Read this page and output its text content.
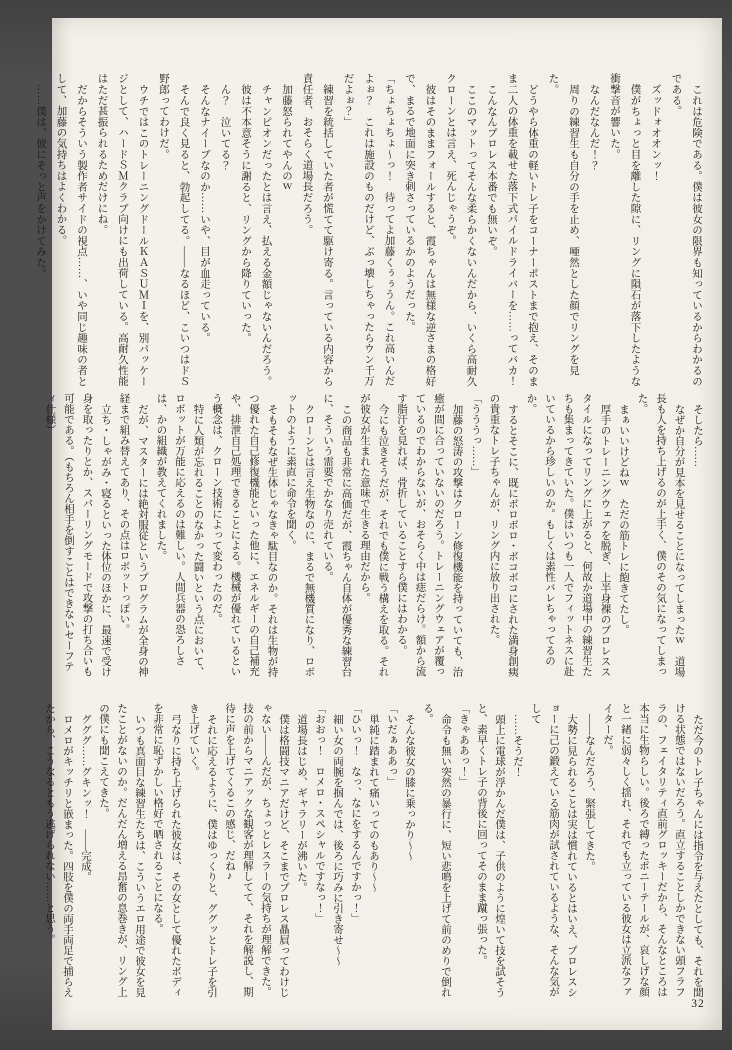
これは危険である。僕は彼女の限界も知っているからわかるのである。

ズッドォオオンッ！

僕がちょっと目を離した隙に、リングに隕石が落下したような衝撃音が響いた。

なんだなんだ！？

周りの練習生も自分の手を止め、唖然とした顔でリングを見た。

どうやら体重の軽いトレ子をコーナーポストまで抱え、そのまま二人の体重を載せた落下式パイルドライバーを……ってバカ！

こんなんプロレス本番でも無いぞ。

ここのマットってそんな柔らかくないんだから、いくら高耐久クローンとは言え、死んじゃうぞ。

彼はそのままフォールすると、霞ちゃんは無様な逆さまの格好で、まるで地面に突き刺さっているかのようだった。

「ちょちょちょ～っ！　待ってよ加藤くぅぅうん。これ高いんだよぉ？　これは施設のものだけど、ぶっ壊しちゃったらウン千万だよぉ？」

練習を統括していた者が慌てて駆け寄る。言っている内容から責任者、おそらく道場長だろう。

加藤怒られてやんのｗ

チャンピオンだったとは言え、払える金額じゃないんだろう。

彼は不本意そうに謝ると、リングから降りていった。

ん？　泣いてる？

そんなナイーブなのか……いや、目が血走っている。

そんで良く見ると、勃起してる。――なるほど、こいつはドＳ野郎ってわけだ。

ウチではこのトレーニングドールＫＡＳＵＭＩを、別パッケージとして、ハードＳＭクラブ向けにも出荷している。高耐久性能はただ甚振られるためだけにね。

だからそういう製作者サイドの視点……、いや同じ趣味の者として、加藤の気持ちはよくわかる。

……僕は、彼にそっと声をかけてみた。

そしたら……

なぜか自分が見本を見せることになってしまったｗ　道場長も人を持ち上げるのが上手く、僕のその気になってしまった。

まぁいいけどねｗ　ただの筋トレに飽きてたし。

厚手のトレーニングウェアを脱ぎ、上半身裸のプロレススタイルになってリングに上がると、何故か道場中の練習生たちも集まってきていた。僕はいつも一人でフィットネスに赴いているから珍しいのか。もしくは素性バレちゃってるのか。

するとそこに、既にボロボロ・ボコボコにされた満身創痍の貴重なトレ子ちゃんが、リング内に放り出された。

「うううっ……」

加藤の怒涛の攻撃はクローン修復機能を持っていても、治癒が間に合っていないのだろう。トレーニングウェアが覆っているのでわからないが、おそらく中は痣だらけ。額から流す脂汗を見れば、骨折していることすら僕にはわかる。

今にも泣きそうだが、それでも僕に戦う構えを取る。それが彼女が生まれた意味で生きる理由だから。

この商品も非常に高価だが、霞ちゃん自体が優秀な練習台に、そういう需要でかなり売れている。

クローンとは言え生物なのに、まるで無機質になり、ロボットのように素直に命令を聞く。

そもそもなぜ生体じゃなきゃ駄目なのか。それは生物が持つ優れた自己修復機能といった他に、エネルギーの自己補充や、排泄自己処理できることによる。機械が優れているという概念は、クローン技術によって変わったのだ。

特に人類が忘れることのなかった闘いという点において、ロボットが万能に応えるのは難しい。人間兵器の恐ろしさは、かの組織が教えてくれました。

だが、マスターには絶対服従というプログラムが全身の神経まで組み替えてあり、その点はロボットっぽい。

立ち・しゃがみ・寝るといった体位のほかに、最速で受け身を取ったりとか、スパーリングモードで攻撃の打ち合いも可能である。（もちろん相手を倒すことはできないセーフティ仕様）

ただ今のトレ子ちゃんには指令を与えたとしても、それを聞ける状態ではないだろう。直立することしかできない頭フラフラの、フェイタリティ直前グロッキーだから、そんなところは本当に生物らしい。後ろで縛ったポニーテールが、哀しげな顔と一緒に弱々しく揺れ、それでも立っている彼女は立派なファイターだ。

――なんだろう、緊張してきた。

大勢に見られることは実は慣れているとはいえ、プロレスショーに己の鍛えている筋肉が試されているような、そんな気がして

……そうだ！

頭上に電球が浮かんだ僕は、子供のように煌いて技を試そうと、素早くトレ子の背後に回ってそのまま蹴っ張った。

「きゃああっ！」

命令も無い突然の暴行に、短い悲鳴を上げて前のめりで倒れる。

そんな彼女の膝に乗っかり～～

「いだぁああっ」

単純に踏まれて痛いってのもあり～～

「ひいっ！　なっ、なにをするんですかっ！」

細い女の両腕を掴んでは、後ろに巧みに引き寄せ～～

「おおっ！　ロメロ・スペシャルですなっ！」

道場長はじめ、ギャラリーが沸いた。

僕は格闘技マニアだけど、そこまでプロレス贔屓ってわけじゃない――んだが、ちょっとレスラーの気持ちが理解できた。技の前からマニアックな観客が理解してて、それを解説し、期待に声を上げてくるこの感じ、だね♪

それに応えるように、僕はゆっくりと、ググッとトレ子を引き上げていく。

弓なりに持ち上げられた彼女は、その女として優れたボディを非常に恥ずかしい格好で晒されることになる。

いつも真面目な練習生たちは、こういうエロ用途で彼女を見たことがないのか。だんだん増える昂奮の息巻きが、リング上の僕にも聞こえてきた。

グググ……グキンッ！　――完成。

ロメロがキッチリと嵌まった。四肢を僕の両手両足で捕らえたから、こうなるともう逃げられない……と思う。

32
